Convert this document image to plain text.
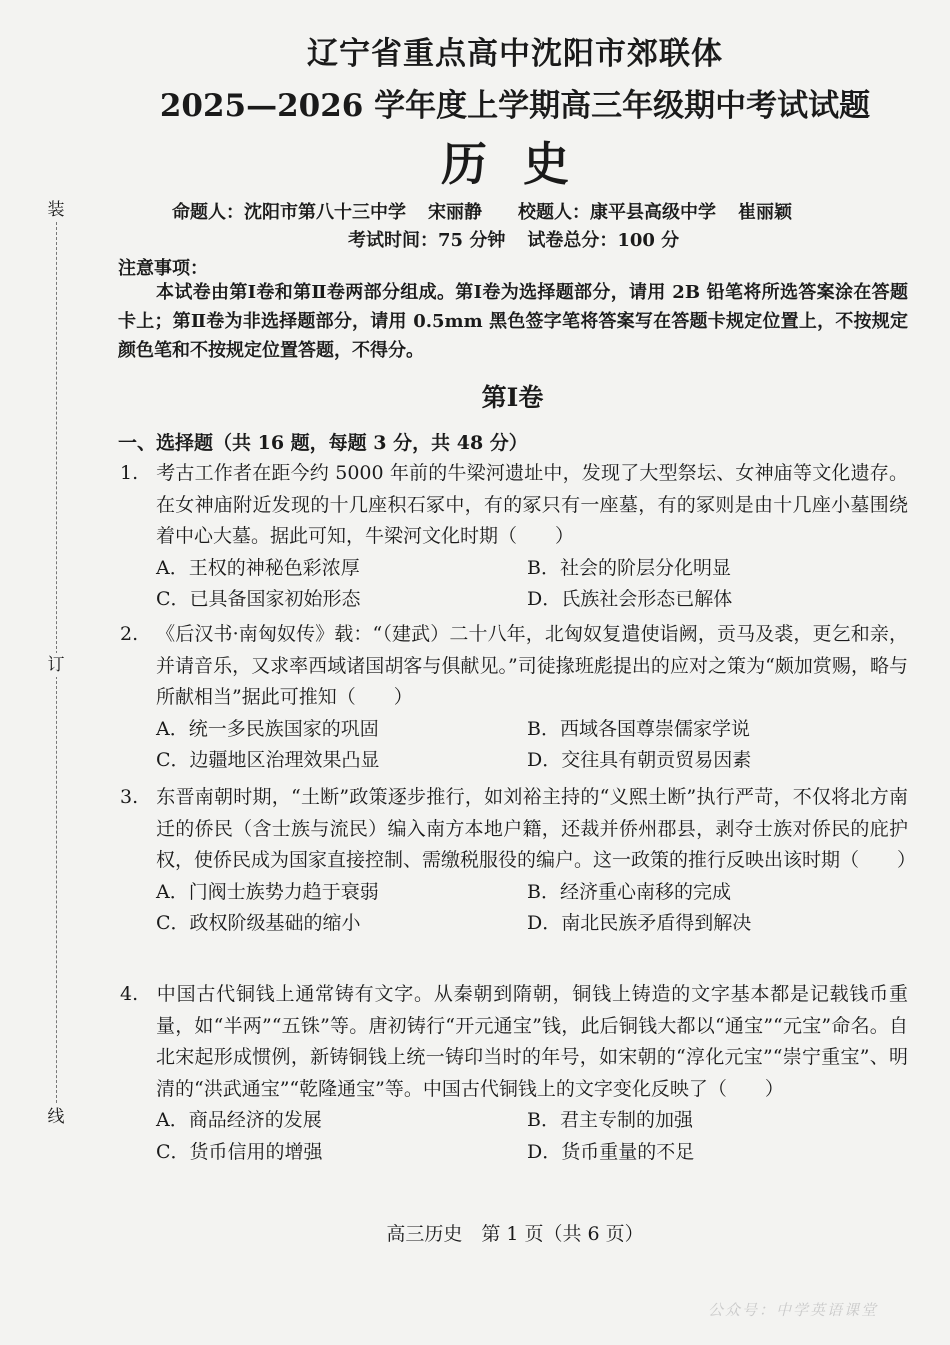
装
订
线
辽宁省重点高中沈阳市郊联体
2025—2026 学年度上学期高三年级期中考试试题
历 史
命题人：沈阳市第八十三中学 宋丽静 校题人：康平县高级中学 崔丽颖
考试时间：75 分钟 试卷总分：100 分
注意事项：
本试卷由第Ⅰ卷和第Ⅱ卷两部分组成。第Ⅰ卷为选择题部分，请用 2B 铅笔将所选答案涂在答题卡上；第Ⅱ卷为非选择题部分，请用 0.5mm 黑色签字笔将答案写在答题卡规定位置上，不按规定颜色笔和不按规定位置答题，不得分。
第Ⅰ卷
一、选择题（共 16 题，每题 3 分，共 48 分）
1. 考古工作者在距今约 5000 年前的牛梁河遗址中，发现了大型祭坛、女神庙等文化遗存。在女神庙附近发现的十几座积石冢中，有的冢只有一座墓，有的冢则是由十几座小墓围绕着中心大墓。据此可知，牛梁河文化时期（　　）
A．王权的神秘色彩浓厚	B．社会的阶层分化明显
C．已具备国家初始形态	D．氏族社会形态已解体
2. 《后汉书·南匈奴传》载：“（建武）二十八年，北匈奴复遣使诣阙，贡马及裘，更乞和亲，并请音乐，又求率西域诸国胡客与俱献见。”司徒掾班彪提出的应对之策为“颇加赏赐，略与所献相当”据此可推知（　　）
A．统一多民族国家的巩固	B．西域各国尊崇儒家学说
C．边疆地区治理效果凸显	D．交往具有朝贡贸易因素
3. 东晋南朝时期，“土断”政策逐步推行，如刘裕主持的“义熙土断”执行严苛，不仅将北方南迁的侨民（含士族与流民）编入南方本地户籍，还裁并侨州郡县，剥夺士族对侨民的庇护权，使侨民成为国家直接控制、需缴税服役的编户。这一政策的推行反映出该时期（　　）
A．门阀士族势力趋于衰弱	B．经济重心南移的完成
C．政权阶级基础的缩小	D．南北民族矛盾得到解决
4. 中国古代铜钱上通常铸有文字。从秦朝到隋朝，铜钱上铸造的文字基本都是记载钱币重量，如“半两”“五铢”等。唐初铸行“开元通宝”钱，此后铜钱大都以“通宝”“元宝”命名。自北宋起形成惯例，新铸铜钱上统一铸印当时的年号，如宋朝的“淳化元宝”“崇宁重宝”、明清的“洪武通宝”“乾隆通宝”等。中国古代铜钱上的文字变化反映了（　　）
A．商品经济的发展	B．君主专制的加强
C．货币信用的增强	D．货币重量的不足
高三历史　第 1 页（共 6 页）
公众号：中学英语课堂
